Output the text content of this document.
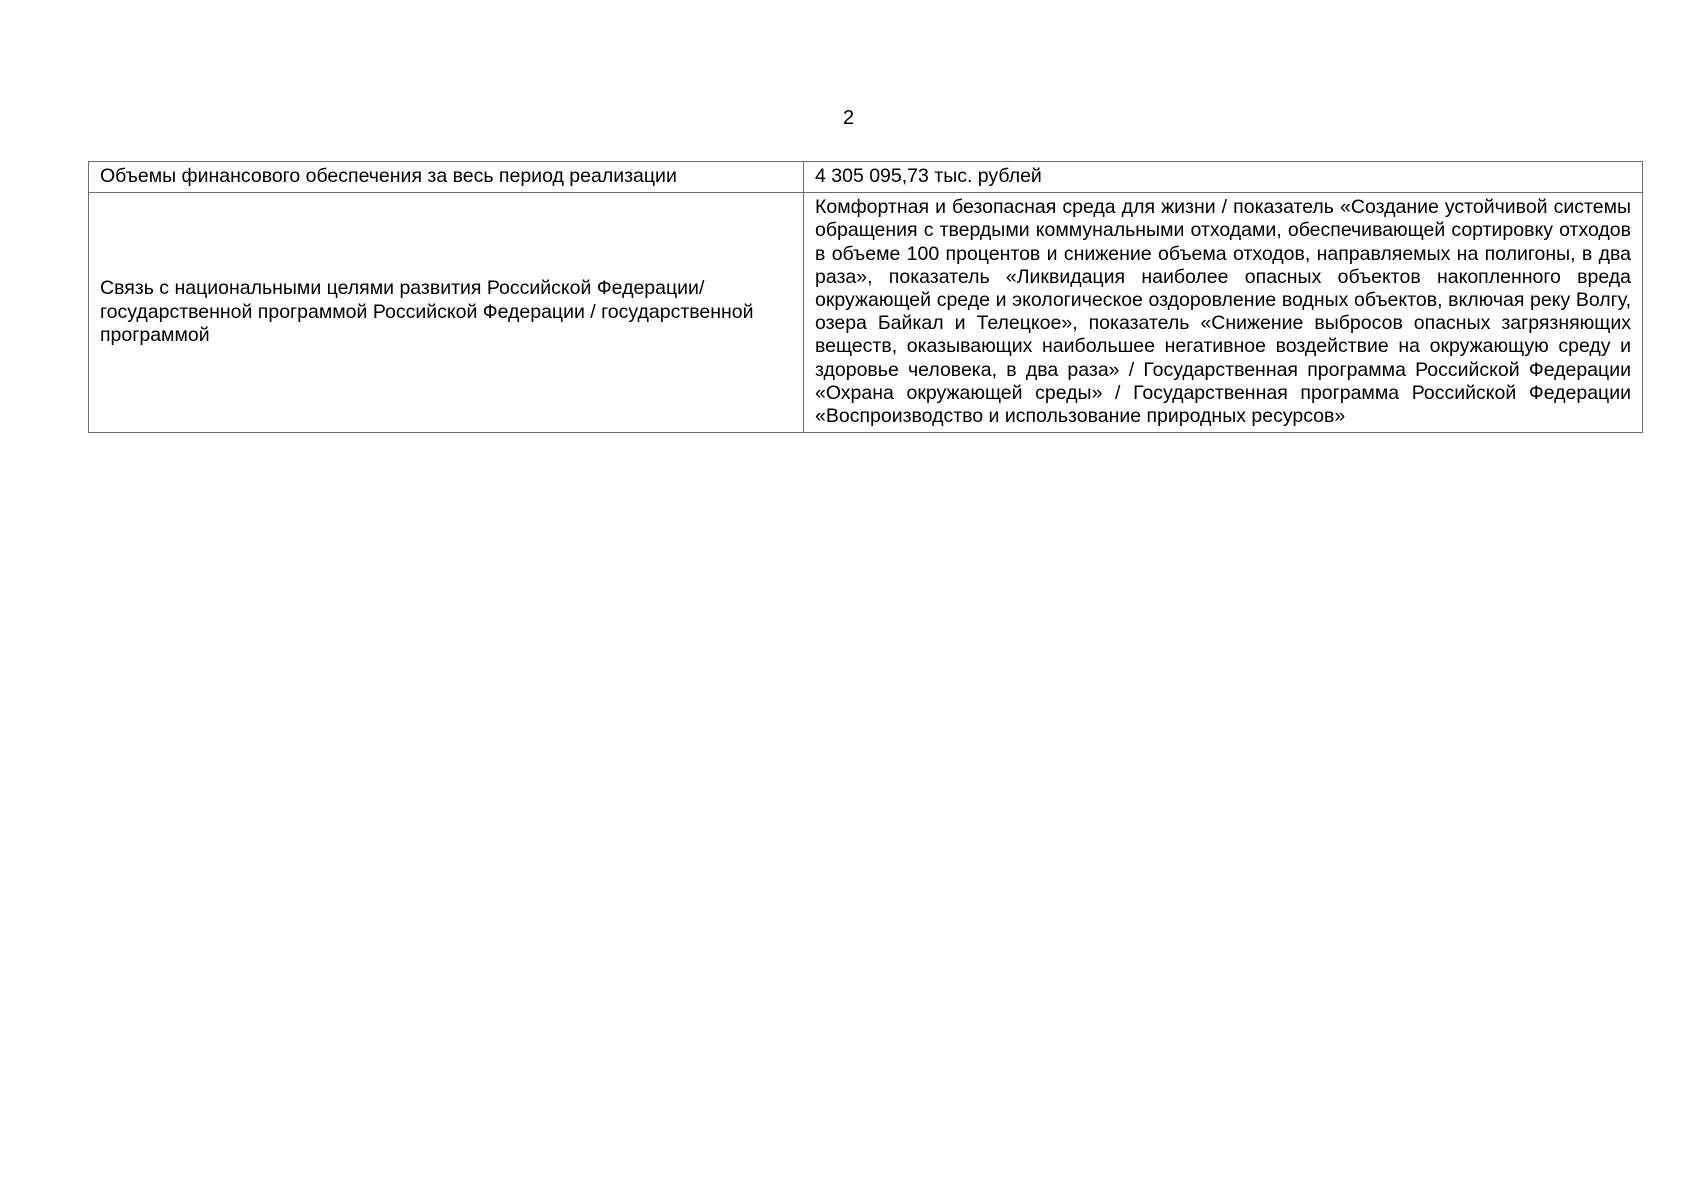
2
Объемы финансового обеспечения за весь период реализации	4 305 095,73 тыс. рублей
Связь с национальными целями развития Российской Федерации/ государственной программой Российской Федерации / государственной программой	Комфортная и безопасная среда для жизни / показатель «Создание устойчивой системы обращения с твердыми коммунальными отходами, обеспечивающей сортировку отходов в объеме 100 процентов и снижение объема отходов, направляемых на полигоны, в два раза», показатель «Ликвидация наиболее опасных объектов накопленного вреда окружающей среде и экологическое оздоровление водных объектов, включая реку Волгу, озера Байкал и Телецкое», показатель «Снижение выбросов опасных загрязняющих веществ, оказывающих наибольшее негативное воздействие на окружающую среду и здоровье человека, в два раза» / Государственная программа Российской Федерации «Охрана окружающей среды» / Государственная программа Российской Федерации «Воспроизводство и использование природных ресурсов»
